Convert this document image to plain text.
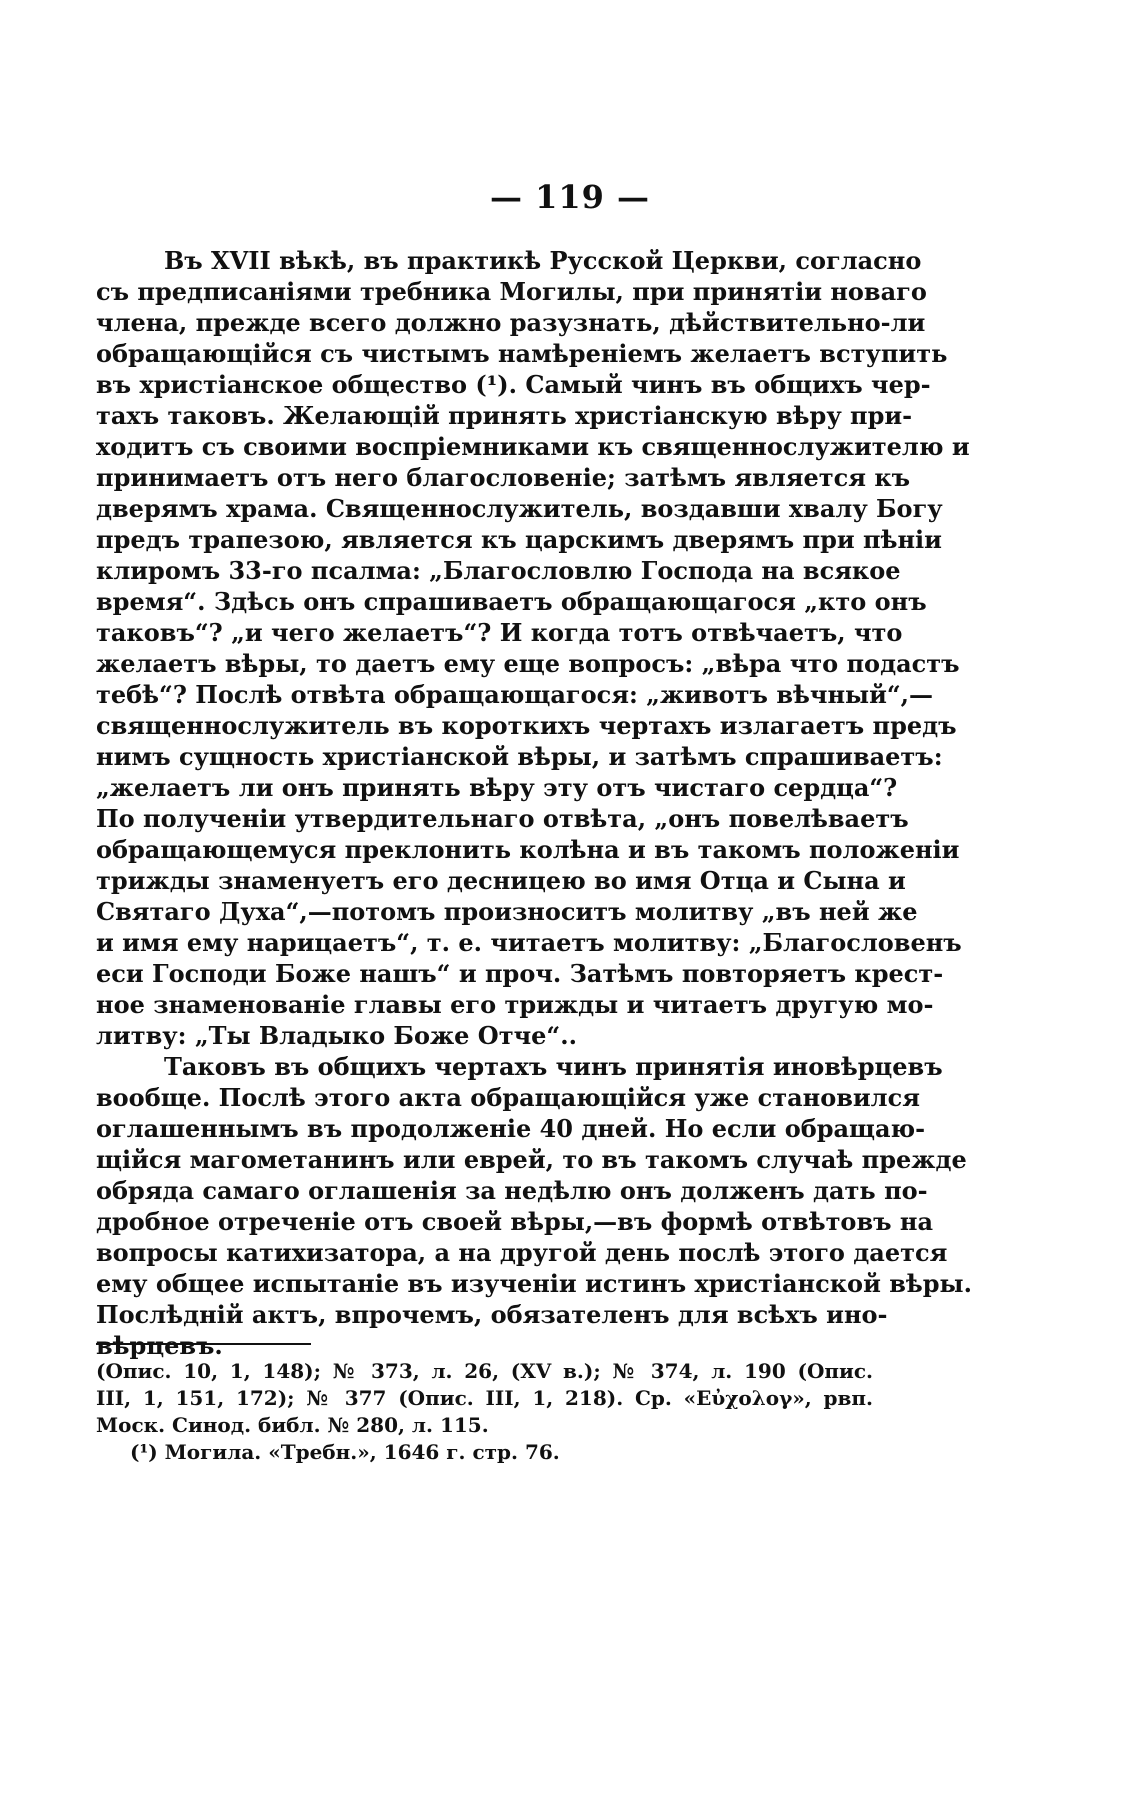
— 119 —
Въ XVII вѣкѣ, въ практикѣ Русской Церкви, согласно
съ предписаніями требника Могилы, при принятіи новаго
члена, прежде всего должно разузнать, дѣйствительно-ли
обращающійся съ чистымъ намѣреніемъ желаетъ вступить
въ христіанское общество (¹). Самый чинъ въ общихъ чер-
тахъ таковъ. Желающій принять христіанскую вѣру при-
ходитъ съ своими воспріемниками къ священнослужителю и
принимаетъ отъ него благословеніе; затѣмъ является къ
дверямъ храма. Священнослужитель, воздавши хвалу Богу
предъ трапезою, является къ царскимъ дверямъ при пѣніи
клиромъ 33-го псалма: „Благословлю Господа на всякое
время“. Здѣсь онъ спрашиваетъ обращающагося „кто онъ
таковъ“? „и чего желаетъ“? И когда тотъ отвѣчаетъ, что
желаетъ вѣры, то даетъ ему еще вопросъ: „вѣра что подастъ
тебѣ“? Послѣ отвѣта обращающагося: „животъ вѣчный“,—
священнослужитель въ короткихъ чертахъ излагаетъ предъ
нимъ сущность христіанской вѣры, и затѣмъ спрашиваетъ:
„желаетъ ли онъ принять вѣру эту отъ чистаго сердца“?
По полученіи утвердительнаго отвѣта, „онъ повелѣваетъ
обращающемуся преклонить колѣна и въ такомъ положеніи
трижды знаменуетъ его десницею во имя Отца и Сына и
Святаго Духа“,—потомъ произноситъ молитву „въ ней же
и имя ему нарицаетъ“, т. е. читаетъ молитву: „Благословенъ
еси Господи Боже нашъ“ и проч. Затѣмъ повторяетъ крест-
ное знаменованіе главы его трижды и читаетъ другую мо-
литву: „Ты Владыко Боже Отче“..
Таковъ въ общихъ чертахъ чинъ принятія иновѣрцевъ
вообще. Послѣ этого акта обращающійся уже становился
оглашеннымъ въ продолженіе 40 дней. Но если обращаю-
щійся магометанинъ или еврей, то въ такомъ случаѣ прежде
обряда самаго оглашенія за недѣлю онъ долженъ дать по-
дробное отреченіе отъ своей вѣры,—въ формѣ отвѣтовъ на
вопросы катихизатора, а на другой день послѣ этого дается
ему общее испытаніе въ изученіи истинъ христіанской вѣры.
Послѣдній актъ, впрочемъ, обязателенъ для всѣхъ ино-
вѣрцевъ.
(Опис. 10, 1, 148); № 373, л. 26, (XV в.); № 374, л. 190 (Опис.
III, 1, 151, 172); № 377 (Опис. III, 1, 218). Ср. «Εὐχολογ», рвп.
Моск. Синод. библ. № 280, л. 115.
(¹) Могила. «Требн.», 1646 г. стр. 76.
